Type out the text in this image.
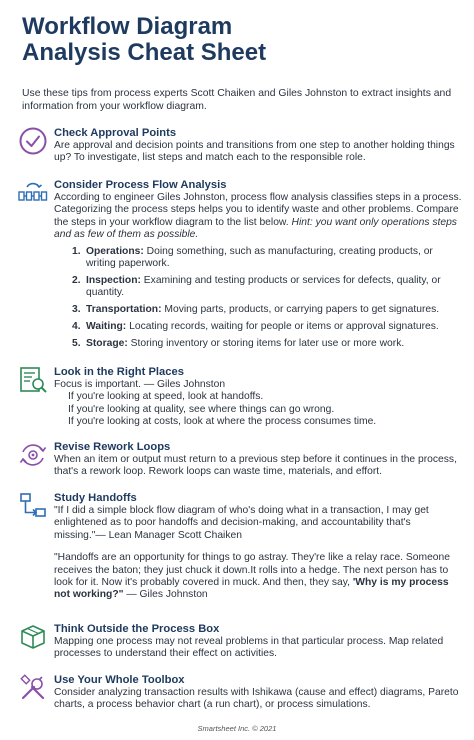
Workflow Diagram
Analysis Cheat Sheet
Use these tips from process experts Scott Chaiken and Giles Johnston to extract insights and information from your workflow diagram.
Check Approval Points
Are approval and decision points and transitions from one step to another holding things up? To investigate, list steps and match each to the responsible role.
Consider Process Flow Analysis
According to engineer Giles Johnston, process flow analysis classifies steps in a process. Categorizing the process steps helps you to identify waste and other problems. Compare the steps in your workflow diagram to the list below. Hint: you want only operations steps and as few of them as possible.
1. Operations: Doing something, such as manufacturing, creating products, or writing paperwork.
2. Inspection: Examining and testing products or services for defects, quality, or quantity.
3. Transportation: Moving parts, products, or carrying papers to get signatures.
4. Waiting: Locating records, waiting for people or items or approval signatures.
5. Storage: Storing inventory or storing items for later use or more work.
Look in the Right Places
Focus is important. — Giles Johnston
If you're looking at speed, look at handoffs.
If you're looking at quality, see where things can go wrong.
If you're looking at costs, look at where the process consumes time.
Revise Rework Loops
When an item or output must return to a previous step before it continues in the process, that's a rework loop. Rework loops can waste time, materials, and effort.
Study Handoffs
"If I did a simple block flow diagram of who's doing what in a transaction, I may get enlightened as to poor handoffs and decision-making, and accountability that's missing."— Lean Manager Scott Chaiken
"Handoffs are an opportunity for things to go astray. They're like a relay race. Someone receives the baton; they just chuck it down.It rolls into a hedge. The next person has to look for it. Now it's probably covered in muck. And then, they say, 'Why is my process not working?" — Giles Johnston
Think Outside the Process Box
Mapping one process may not reveal problems in that particular process. Map related processes to understand their effect on activities.
Use Your Whole Toolbox
Consider analyzing transaction results with Ishikawa (cause and effect) diagrams, Pareto charts, a process behavior chart (a run chart), or process simulations.
Smartsheet Inc. © 2021
